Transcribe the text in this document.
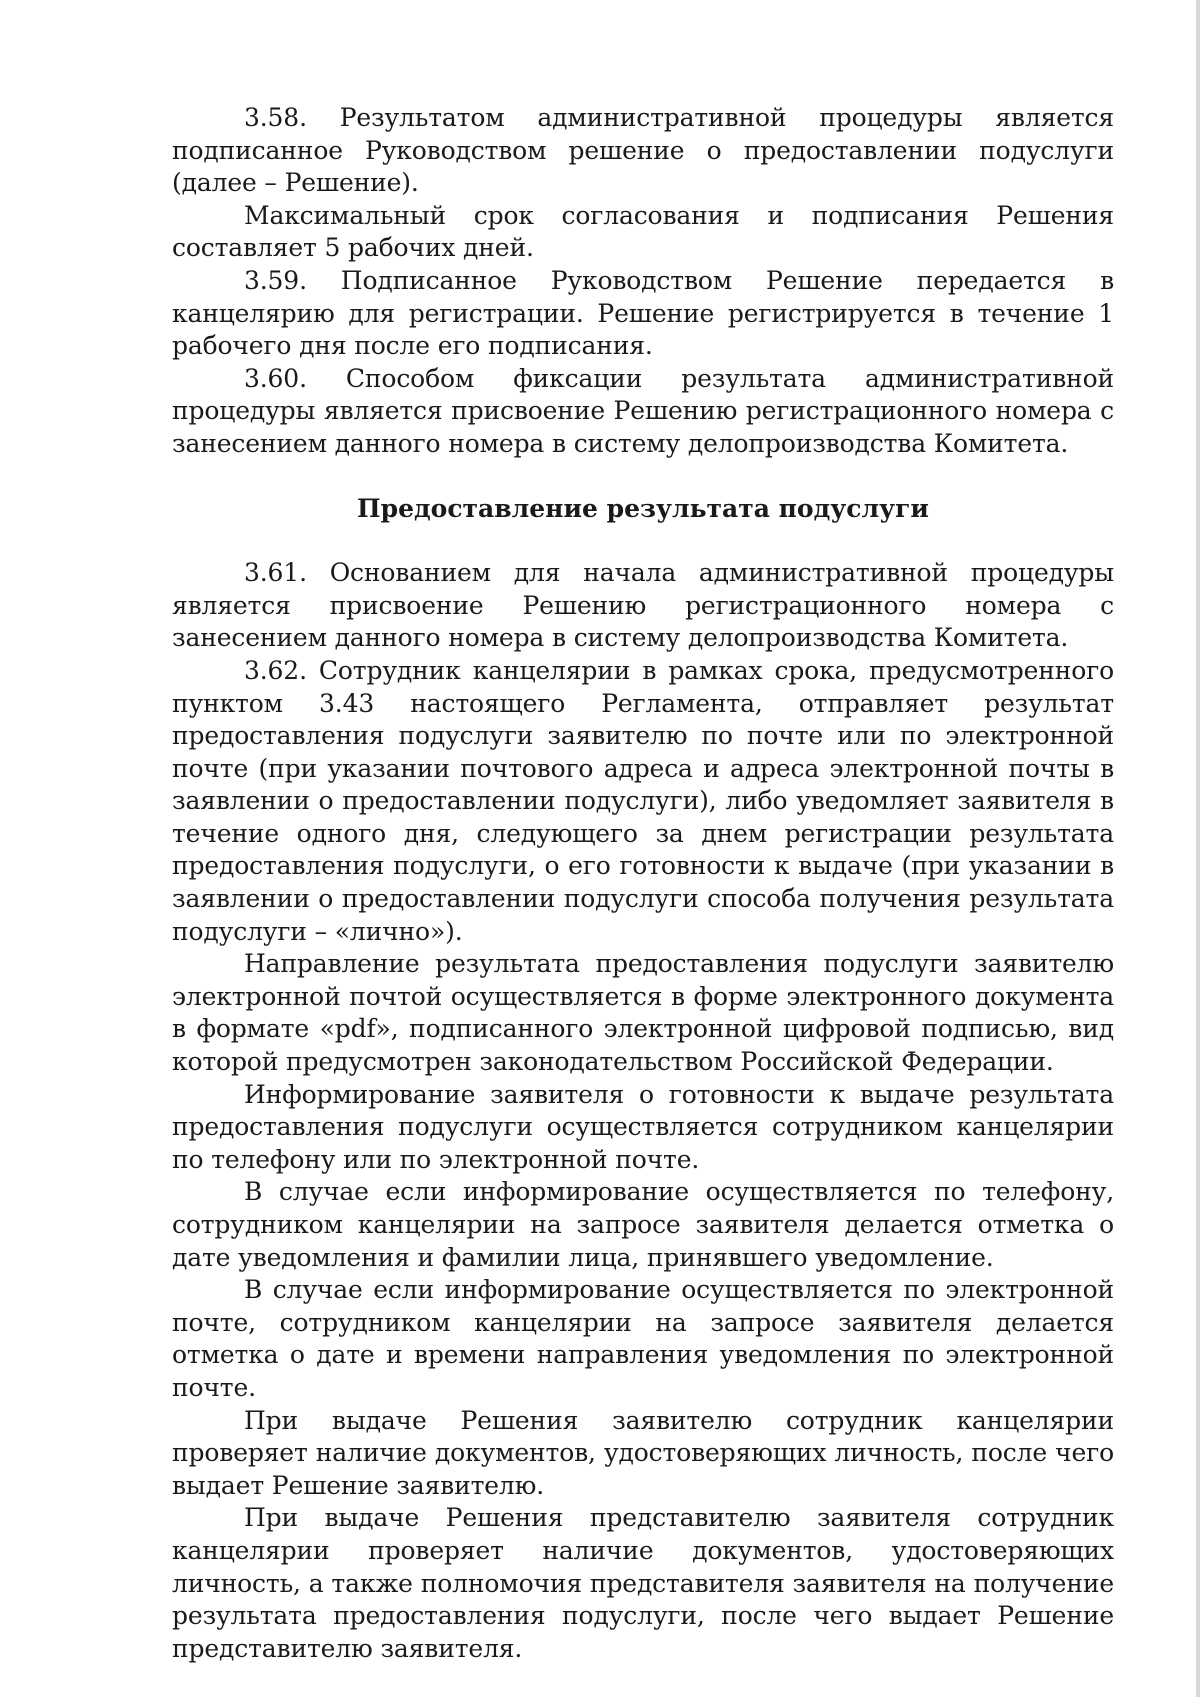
3.58. Результатом административной процедуры является подписанное Руководством решение о предоставлении подуслуги (далее – Решение).

Максимальный срок согласования и подписания Решения составляет 5 рабочих дней.

3.59. Подписанное Руководством Решение передается в канцелярию для регистрации. Решение регистрируется в течение 1 рабочего дня после его подписания.

3.60. Способом фиксации результата административной процедуры является присвоение Решению регистрационного номера с занесением данного номера в систему делопроизводства Комитета.

Предоставление результата подуслуги

3.61. Основанием для начала административной процедуры является присвоение Решению регистрационного номера с занесением данного номера в систему делопроизводства Комитета.

3.62. Сотрудник канцелярии в рамках срока, предусмотренного пунктом 3.43 настоящего Регламента, отправляет результат предоставления подуслуги заявителю по почте или по электронной почте (при указании почтового адреса и адреса электронной почты в заявлении о предоставлении подуслуги), либо уведомляет заявителя в течение одного дня, следующего за днем регистрации результата предоставления подуслуги, о его готовности к выдаче (при указании в заявлении о предоставлении подуслуги способа получения результата подуслуги – «лично»).

Направление результата предоставления подуслуги заявителю электронной почтой осуществляется в форме электронного документа в формате «pdf», подписанного электронной цифровой подписью, вид которой предусмотрен законодательством Российской Федерации.

Информирование заявителя о готовности к выдаче результата предоставления подуслуги осуществляется сотрудником канцелярии по телефону или по электронной почте.

В случае если информирование осуществляется по телефону, сотрудником канцелярии на запросе заявителя делается отметка о дате уведомления и фамилии лица, принявшего уведомление.

В случае если информирование осуществляется по электронной почте, сотрудником канцелярии на запросе заявителя делается отметка о дате и времени направления уведомления по электронной почте.

При выдаче Решения заявителю сотрудник канцелярии проверяет наличие документов, удостоверяющих личность, после чего выдает Решение заявителю.

При выдаче Решения представителю заявителя сотрудник канцелярии проверяет наличие документов, удостоверяющих личность, а также полномочия представителя заявителя на получение результата предоставления подуслуги, после чего выдает Решение представителю заявителя.
